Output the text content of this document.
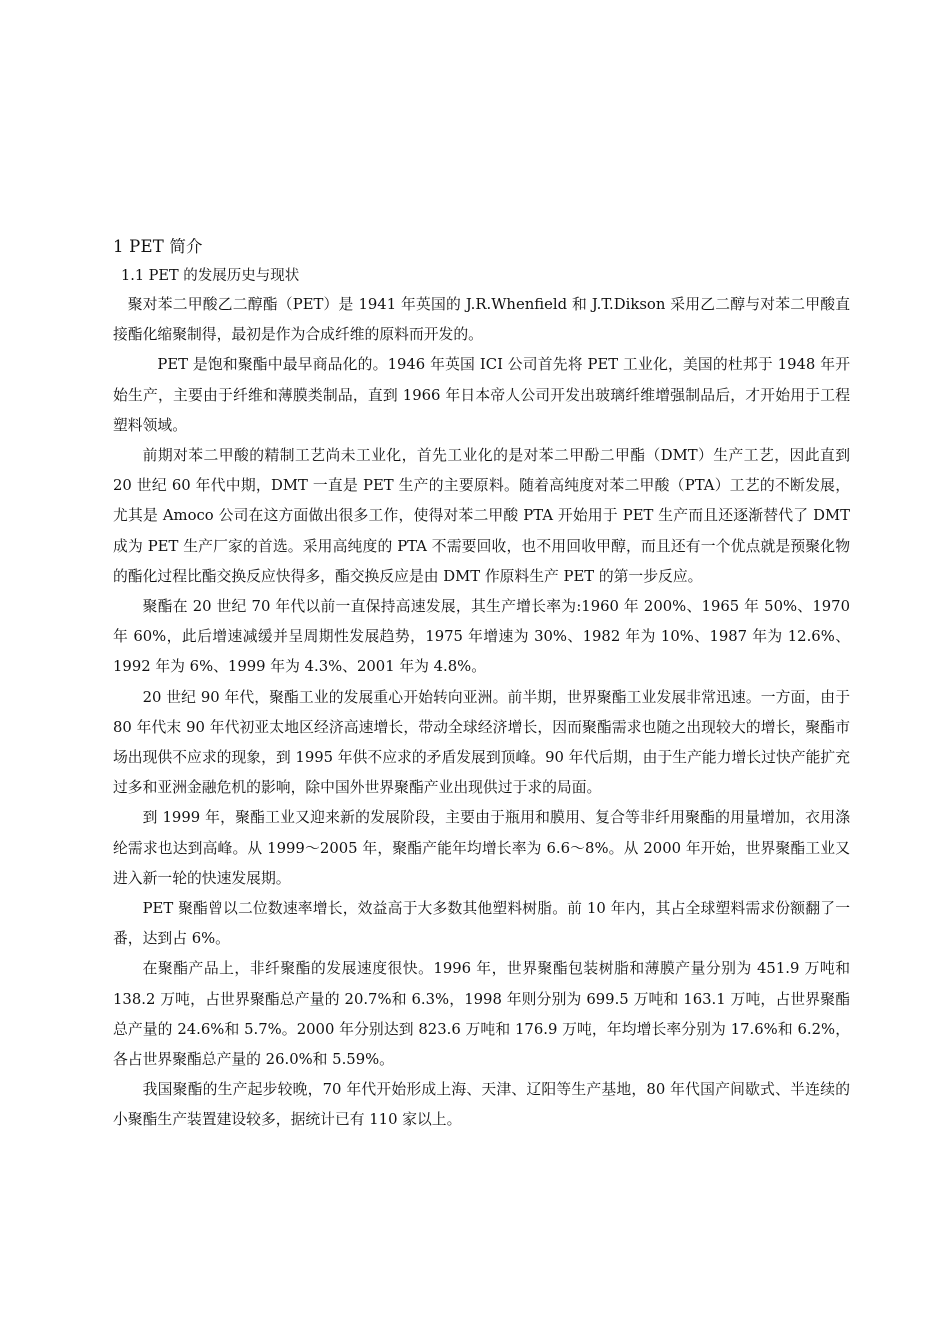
1 PET 简介
1.1 PET 的发展历史与现状

聚对苯二甲酸乙二醇酯（PET）是 1941 年英国的 J.R.Whenfield 和 J.T.Dikson 采用乙二醇与对苯二甲酸直接酯化缩聚制得，最初是作为合成纤维的原料而开发的。

PET 是饱和聚酯中最早商品化的。1946 年英国 ICI 公司首先将 PET 工业化，美国的杜邦于 1948 年开始生产，主要由于纤维和薄膜类制品，直到 1966 年日本帝人公司开发出玻璃纤维增强制品后，才开始用于工程塑料领域。

前期对苯二甲酸的精制工艺尚未工业化，首先工业化的是对苯二甲酚二甲酯（DMT）生产工艺，因此直到 20 世纪 60 年代中期，DMT 一直是 PET 生产的主要原料。随着高纯度对苯二甲酸（PTA）工艺的不断发展，尤其是 Amoco 公司在这方面做出很多工作，使得对苯二甲酸 PTA 开始用于 PET 生产而且还逐渐替代了 DMT 成为 PET 生产厂家的首选。采用高纯度的 PTA 不需要回收，也不用回收甲醇，而且还有一个优点就是预聚化物的酯化过程比酯交换反应快得多，酯交换反应是由 DMT 作原料生产 PET 的第一步反应。

聚酯在 20 世纪 70 年代以前一直保持高速发展，其生产增长率为:1960 年 200%、1965 年 50%、1970 年 60%，此后增速减缓并呈周期性发展趋势，1975 年增速为 30%、1982 年为 10%、1987 年为 12.6%、1992 年为 6%、1999 年为 4.3%、2001 年为 4.8%。

20 世纪 90 年代，聚酯工业的发展重心开始转向亚洲。前半期，世界聚酯工业发展非常迅速。一方面，由于 80 年代末 90 年代初亚太地区经济高速增长，带动全球经济增长，因而聚酯需求也随之出现较大的增长，聚酯市场出现供不应求的现象，到 1995 年供不应求的矛盾发展到顶峰。90 年代后期，由于生产能力增长过快产能扩充过多和亚洲金融危机的影响，除中国外世界聚酯产业出现供过于求的局面。

到 1999 年，聚酯工业又迎来新的发展阶段，主要由于瓶用和膜用、复合等非纤用聚酯的用量增加，衣用涤纶需求也达到高峰。从 1999～2005 年，聚酯产能年均增长率为 6.6～8%。从 2000 年开始，世界聚酯工业又进入新一轮的快速发展期。

PET 聚酯曾以二位数速率增长，效益高于大多数其他塑料树脂。前 10 年内，其占全球塑料需求份额翻了一番，达到占 6%。

在聚酯产品上，非纤聚酯的发展速度很快。1996 年，世界聚酯包装树脂和薄膜产量分别为 451.9 万吨和 138.2 万吨，占世界聚酯总产量的 20.7%和 6.3%，1998 年则分别为 699.5 万吨和 163.1 万吨，占世界聚酯总产量的 24.6%和 5.7%。2000 年分别达到 823.6 万吨和 176.9 万吨，年均增长率分别为 17.6%和 6.2%，各占世界聚酯总产量的 26.0%和 5.59%。

我国聚酯的生产起步较晚，70 年代开始形成上海、天津、辽阳等生产基地，80 年代国产间歇式、半连续的小聚酯生产装置建设较多，据统计已有 110 家以上。
